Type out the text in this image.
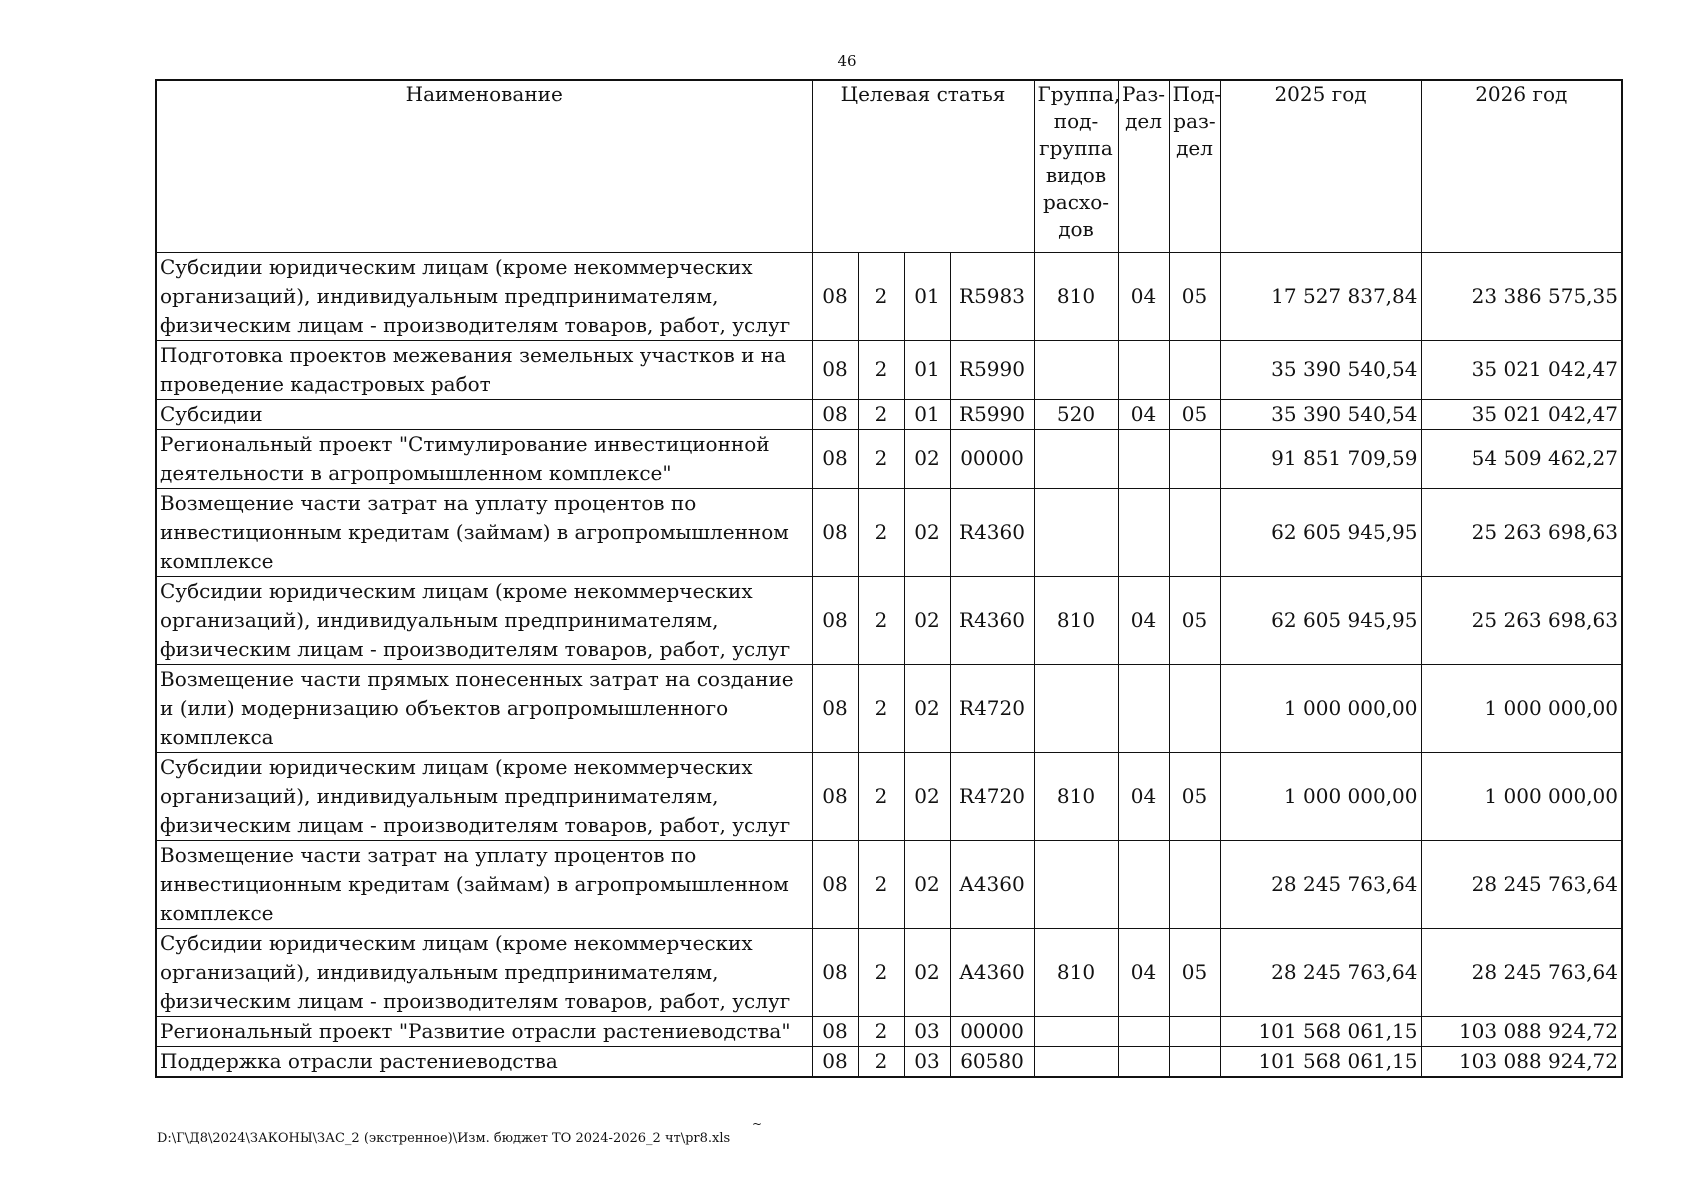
46
Наименование	Целевая статья				Группа, под-группа видов расхо-дов	Раз-дел	Под-раз-дел	2025 год	2026 год
Субсидии юридическим лицам (кроме некоммерческих организаций), индивидуальным предпринимателям, физическим лицам - производителям товаров, работ, услуг	08	2	01	R5983	810	04	05	17 527 837,84	23 386 575,35
Подготовка проектов межевания земельных участков и на проведение кадастровых работ	08	2	01	R5990				35 390 540,54	35 021 042,47
Субсидии	08	2	01	R5990	520	04	05	35 390 540,54	35 021 042,47
Региональный проект "Стимулирование инвестиционной деятельности в агропромышленном комплексе"	08	2	02	00000				91 851 709,59	54 509 462,27
Возмещение части затрат на уплату процентов по инвестиционным кредитам (займам) в агропромышленном комплексе	08	2	02	R4360				62 605 945,95	25 263 698,63
Субсидии юридическим лицам (кроме некоммерческих организаций), индивидуальным предпринимателям, физическим лицам - производителям товаров, работ, услуг	08	2	02	R4360	810	04	05	62 605 945,95	25 263 698,63
Возмещение части прямых понесенных затрат на создание и (или) модернизацию объектов агропромышленного комплекса	08	2	02	R4720				1 000 000,00	1 000 000,00
Субсидии юридическим лицам (кроме некоммерческих организаций), индивидуальным предпринимателям, физическим лицам - производителям товаров, работ, услуг	08	2	02	R4720	810	04	05	1 000 000,00	1 000 000,00
Возмещение части затрат на уплату процентов по инвестиционным кредитам (займам) в агропромышленном комплексе	08	2	02	A4360				28 245 763,64	28 245 763,64
Субсидии юридическим лицам (кроме некоммерческих организаций), индивидуальным предпринимателям, физическим лицам - производителям товаров, работ, услуг	08	2	02	A4360	810	04	05	28 245 763,64	28 245 763,64
Региональный проект "Развитие отрасли растениеводства"	08	2	03	00000				101 568 061,15	103 088 924,72
Поддержка отрасли растениеводства	08	2	03	60580				101 568 061,15	103 088 924,72
~
D:\Г\Д8\2024\ЗАКОНЫ\ЗАС_2 (экстренное)\Изм. бюджет ТО 2024-2026_2 чт\pr8.xls
